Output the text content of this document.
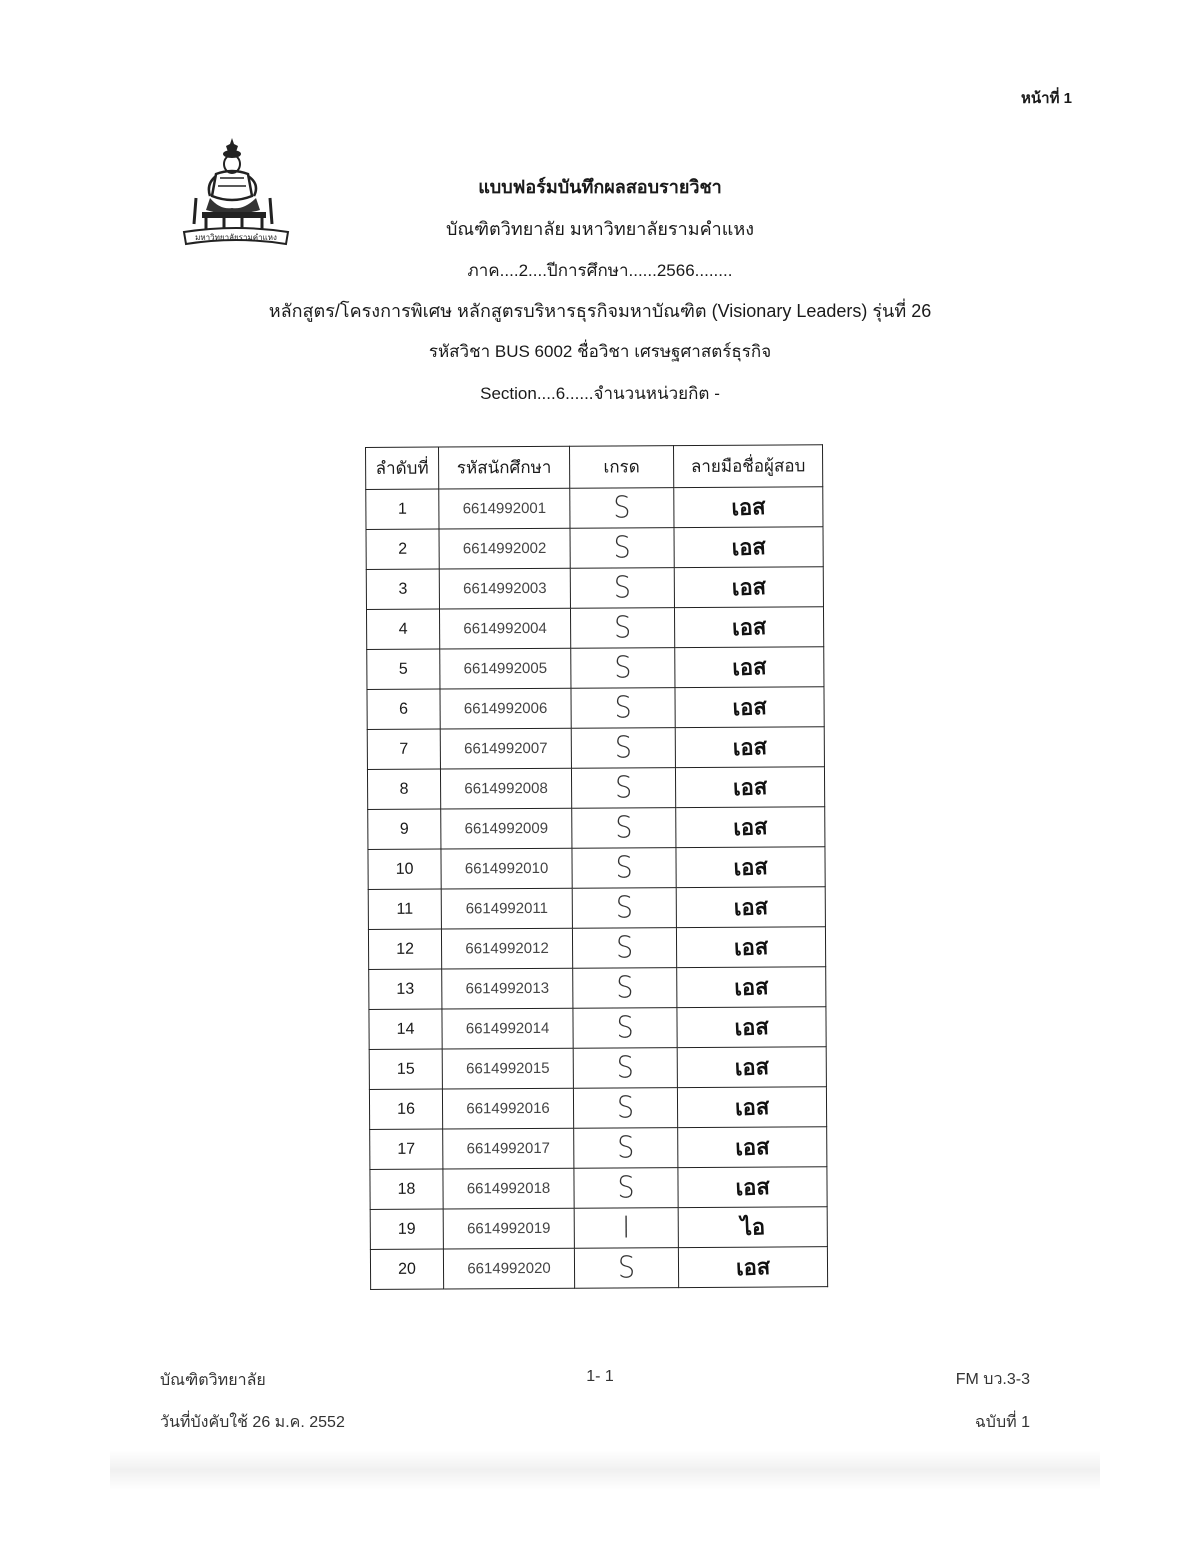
หน้าที่ 1
มหาวิทยาลัยรามคำแหง
แบบฟอร์มบันทึกผลสอบรายวิชา
บัณฑิตวิทยาลัย มหาวิทยาลัยรามคำแหง
ภาค....2....ปีการศึกษา......2566........
หลักสูตร/โครงการพิเศษ หลักสูตรบริหารธุรกิจมหาบัณฑิต (Visionary Leaders) รุ่นที่ 26
รหัสวิชา BUS 6002 ชื่อวิชา เศรษฐศาสตร์ธุรกิจ
Section....6......จำนวนหน่วยกิต -
ลำดับที่	รหัสนักศึกษา	เกรด	ลายมือชื่อผู้สอบ
1	6614992001	S	เอส
2	6614992002	S	เอส
3	6614992003	S	เอส
4	6614992004	S	เอส
5	6614992005	S	เอส
6	6614992006	S	เอส
7	6614992007	S	เอส
8	6614992008	S	เอส
9	6614992009	S	เอส
10	6614992010	S	เอส
11	6614992011	S	เอส
12	6614992012	S	เอส
13	6614992013	S	เอส
14	6614992014	S	เอส
15	6614992015	S	เอส
16	6614992016	S	เอส
17	6614992017	S	เอส
18	6614992018	S	เอส
19	6614992019	I	ไอ
20	6614992020	S	เอส
บัณฑิตวิทยาลัย
วันที่บังคับใช้ 26 ม.ค. 2552
1- 1	FM บว.3-3
ฉบับที่ 1
